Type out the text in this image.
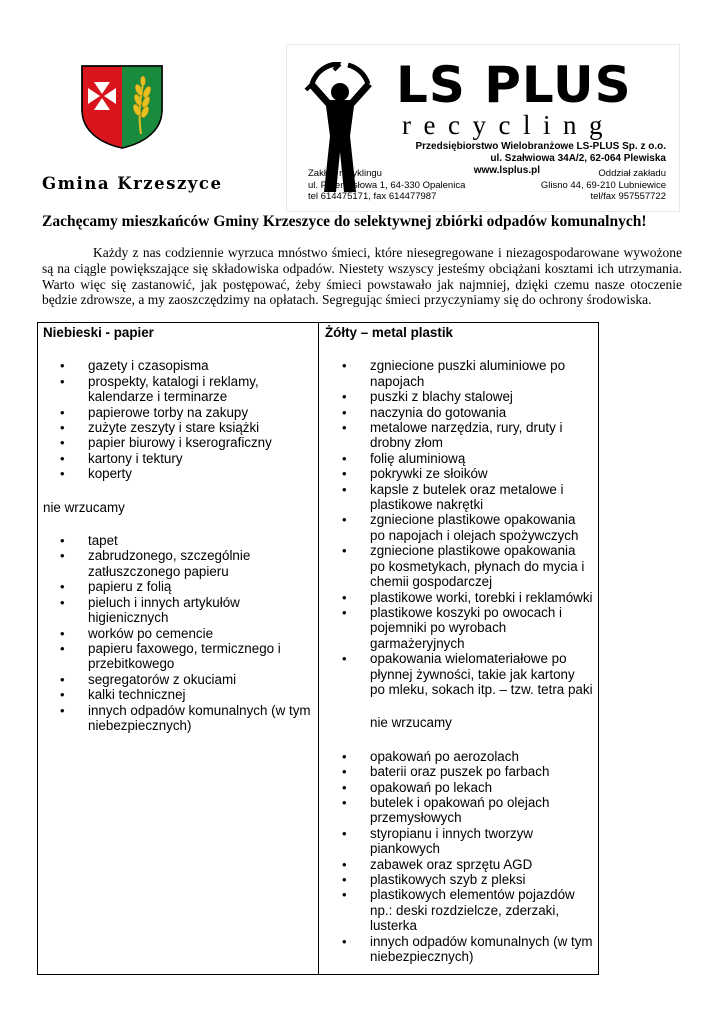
LS PLUS
recycling
Przedsiębiorstwo Wielobranżowe LS-PLUS Sp. z o.o.
ul. Szałwiowa 34A/2, 62-064 Plewiska
www.lsplus.pl
Zakład recyklingu
ul. Przemysłowa 1, 64-330 Opalenica
tel 614475171, fax 614477987
Oddział zakładu
Glisno 44, 69-210 Lubniewice
tel/fax 957557722
Gmina Krzeszyce
Zachęcamy mieszkańców Gminy Krzeszyce do selektywnej zbiórki odpadów komunalnych!

Każdy z nas codziennie wyrzuca mnóstwo śmieci, które niesegregowane i niezagospodarowane wywożone są na ciągle powiększające się składowiska odpadów. Niestety wszyscy jesteśmy obciążani kosztami ich utrzymania. Warto więc się zastanowić, jak postępować, żeby śmieci powstawało jak najmniej, dzięki czemu nasze otoczenie będzie zdrowsze, a my zaoszczędzimy na opłatach. Segregując śmieci przyczyniamy się do ochrony środowiska.

Niebieski - papier
• gazety i czasopisma
• prospekty, katalogi i reklamy, kalendarze i terminarze
• papierowe torby na zakupy
• zużyte zeszyty i stare książki
• papier biurowy i kserograficzny
• kartony i tektury
• koperty

nie wrzucamy

• tapet
• zabrudzonego, szczególnie zatłuszczonego papieru
• papieru z folią
• pieluch i innych artykułów higienicznych
• worków po cemencie
• papieru faxowego, termicznego i przebitkowego
• segregatorów z okuciami
• kalki technicznej
• innych odpadów komunalnych (w tym niebezpiecznych)
Żółty – metal plastik
• zgniecione puszki aluminiowe po napojach
• puszki z blachy stalowej
• naczynia do gotowania
• metalowe narzędzia, rury, druty i drobny złom
• folię aluminiową
• pokrywki ze słoików
• kapsle z butelek oraz metalowe i plastikowe nakrętki
• zgniecione plastikowe opakowania po napojach i olejach spożywczych
• zgniecione plastikowe opakowania po kosmetykach, płynach do mycia i chemii gospodarczej
• plastikowe worki, torebki i reklamówki
• plastikowe koszyki po owocach i pojemniki po wyrobach garmażeryjnych
• opakowania wielomateriałowe po płynnej żywności, takie jak kartony po mleku, sokach itp. – tzw. tetra paki

nie wrzucamy

• opakowań po aerozolach
• baterii oraz puszek po farbach
• opakowań po lekach
• butelek i opakowań po olejach przemysłowych
• styropianu i innych tworzyw piankowych
• zabawek oraz sprzętu AGD
• plastikowych szyb z pleksi
• plastikowych elementów pojazdów np.: deski rozdzielcze, zderzaki, lusterka
• innych odpadów komunalnych (w tym niebezpiecznych)
